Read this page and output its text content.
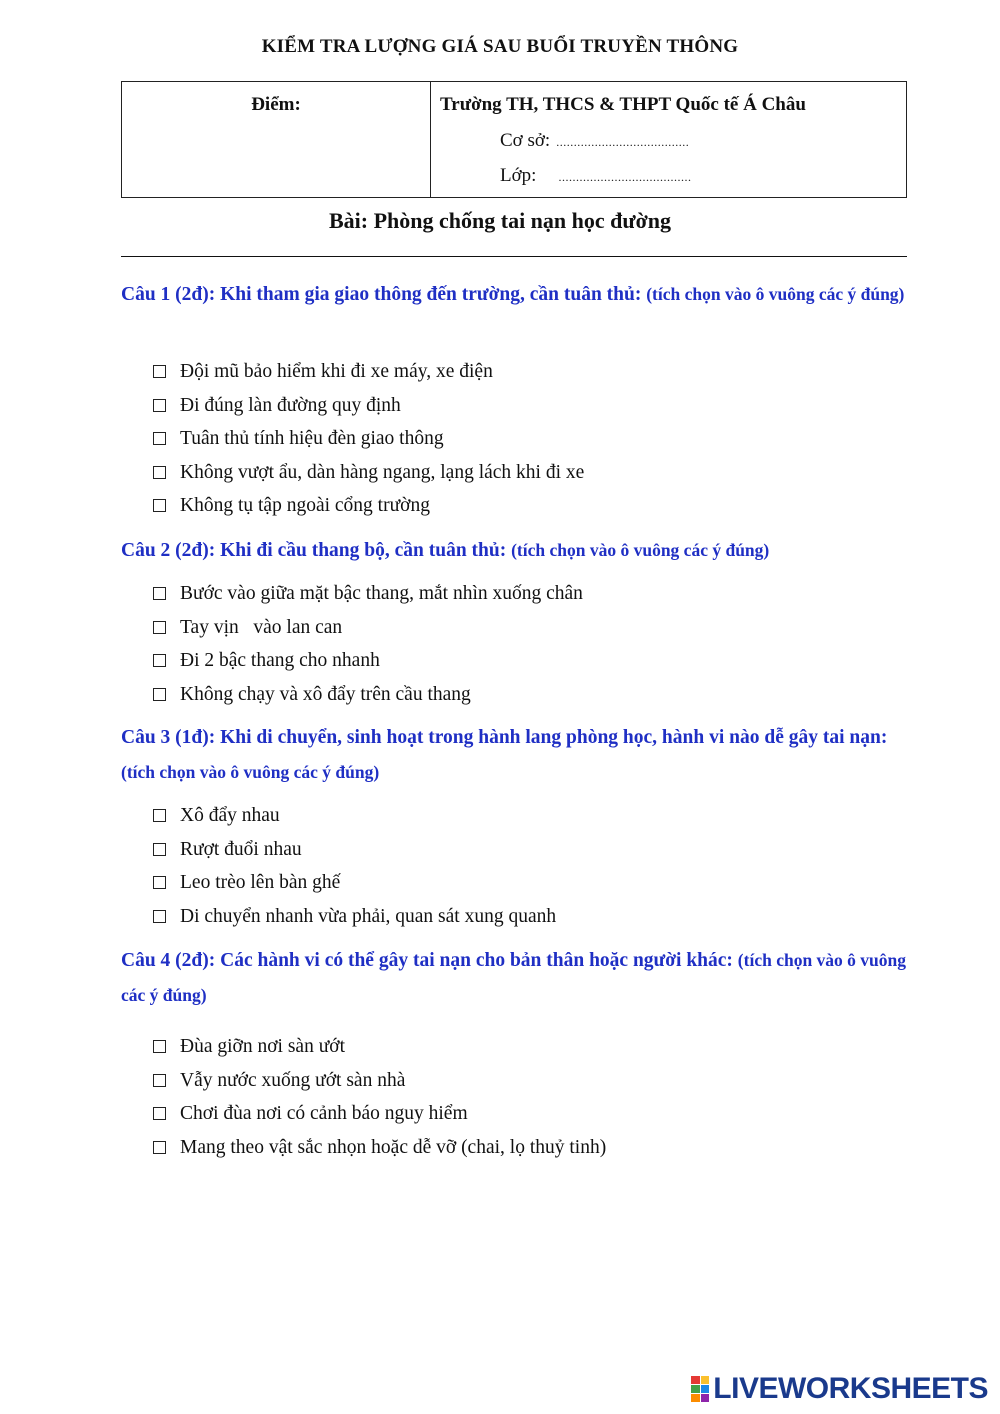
KIỂM TRA LƯỢNG GIÁ SAU BUỔI TRUYỀN THÔNG
Điểm:	Trường TH, THCS & THPT Quốc tế Á Châu
Cơ sở: ......................................
Lớp: ......................................
Bài: Phòng chống tai nạn học đường
Câu 1 (2đ): Khi tham gia giao thông đến trường, cần tuân thủ: (tích chọn vào ô vuông các ý đúng)
Đội mũ bảo hiểm khi đi xe máy, xe điện
Đi đúng làn đường quy định
Tuân thủ tính hiệu đèn giao thông
Không vượt ẩu, dàn hàng ngang, lạng lách khi đi xe
Không tụ tập ngoài cổng trường
Câu 2 (2đ): Khi đi cầu thang bộ, cần tuân thủ: (tích chọn vào ô vuông các ý đúng)
Bước vào giữa mặt bậc thang, mắt nhìn xuống chân
Tay vịn   vào lan can
Đi 2 bậc thang cho nhanh
Không chạy và xô đẩy trên cầu thang
Câu 3 (1đ): Khi di chuyển, sinh hoạt trong hành lang phòng học, hành vi nào dễ gây tai nạn: (tích chọn vào ô vuông các ý đúng)
Xô đẩy nhau
Rượt đuổi nhau
Leo trèo lên bàn ghế
Di chuyển nhanh vừa phải, quan sát xung quanh
Câu 4 (2đ): Các hành vi có thể gây tai nạn cho bản thân hoặc người khác: (tích chọn vào ô vuông các ý đúng)
Đùa giỡn nơi sàn ướt
Vẫy nước xuống ướt sàn nhà
Chơi đùa nơi có cảnh báo nguy hiểm
Mang theo vật sắc nhọn hoặc dễ vỡ (chai, lọ thuỷ tinh)
LIVEWORKSHEETS
